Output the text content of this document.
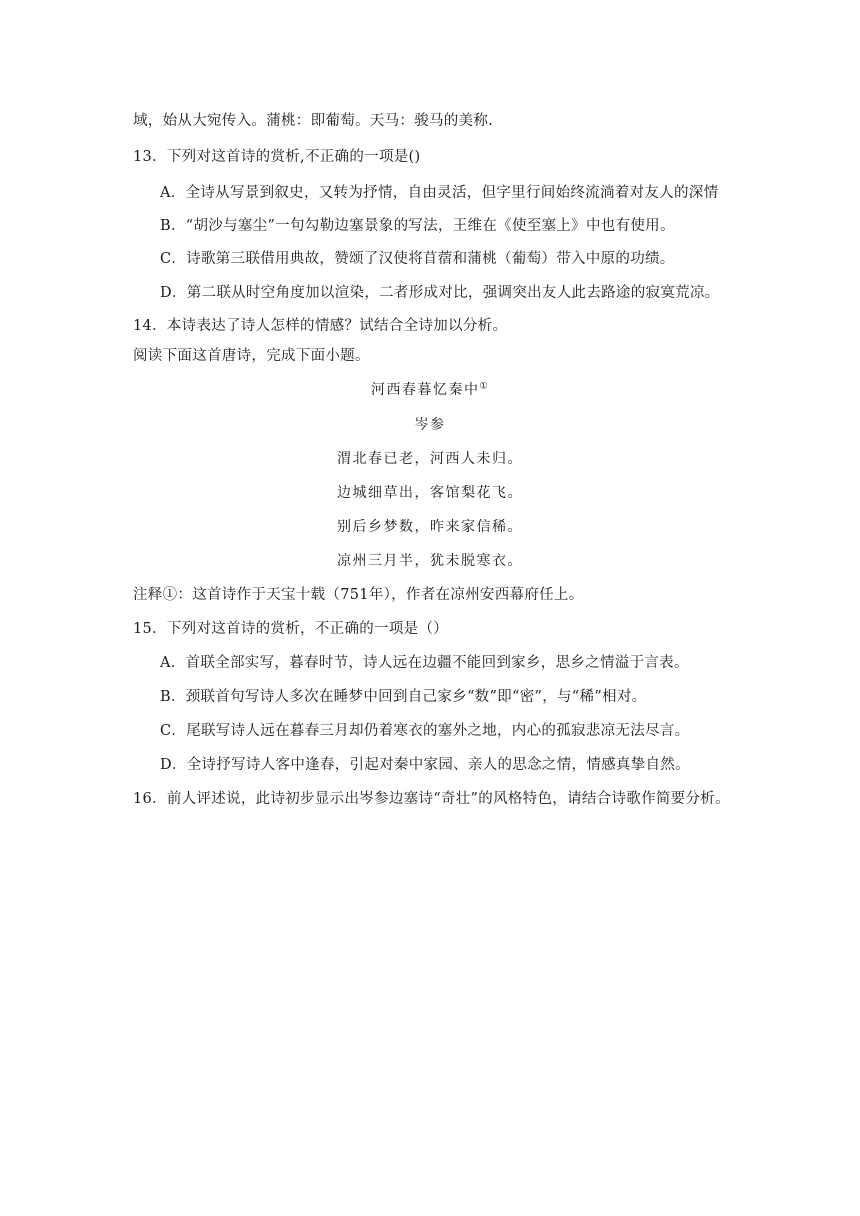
域，始从大宛传入。蒲桃：即葡萄。天马：骏马的美称.
13．下列对这首诗的赏析,不正确的一项是()
A．全诗从写景到叙史，又转为抒情，自由灵活，但字里行间始终流淌着对友人的深情
B．“胡沙与塞尘”一句勾勒边塞景象的写法，王维在《使至塞上》中也有使用。
C．诗歌第三联借用典故，赞颂了汉使将苜蓿和蒲桃（葡萄）带入中原的功绩。
D．第二联从时空角度加以渲染，二者形成对比，强调突出友人此去路途的寂寞荒凉。
14．本诗表达了诗人怎样的情感？试结合全诗加以分析。
阅读下面这首唐诗，完成下面小题。
河西春暮忆秦中①
岑参
渭北春已老，河西人未归。
边城细草出，客馆梨花飞。
别后乡梦数，昨来家信稀。
凉州三月半，犹未脱寒衣。
注释①：这首诗作于天宝十载（751年），作者在凉州安西幕府任上。
15．下列对这首诗的赏析，不正确的一项是（）
A．首联全部实写，暮春时节，诗人远在边疆不能回到家乡，思乡之情溢于言表。
B．颈联首句写诗人多次在睡梦中回到自己家乡“数”即“密”，与“稀”相对。
C．尾联写诗人远在暮春三月却仍着寒衣的塞外之地，内心的孤寂悲凉无法尽言。
D．全诗抒写诗人客中逢春，引起对秦中家园、亲人的思念之情，情感真挚自然。
16．前人评述说，此诗初步显示出岑参边塞诗“奇壮”的风格特色，请结合诗歌作简要分析。
